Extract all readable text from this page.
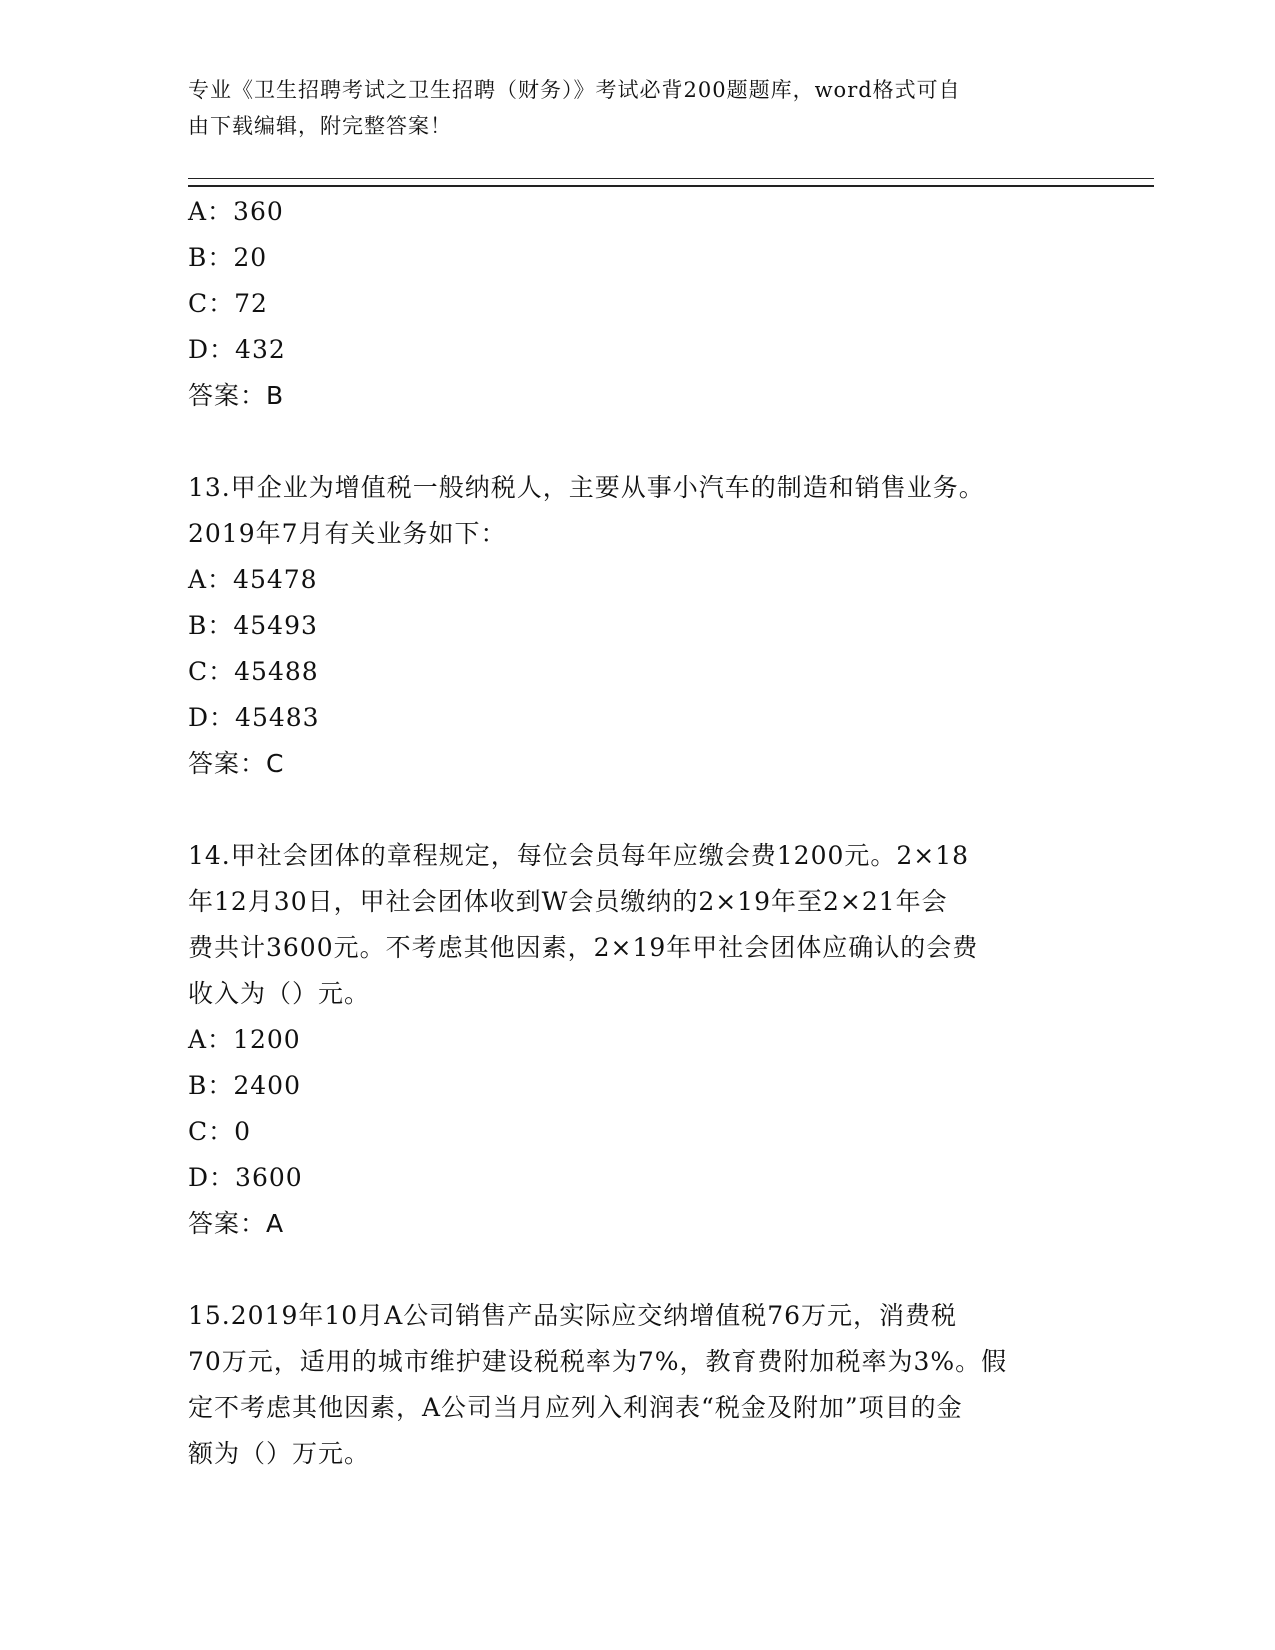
专业《卫生招聘考试之卫生招聘（财务）》考试必背200题题库，word格式可自
由下载编辑，附完整答案！
A：360
B：20
C：72
D：432
答案：B
13.甲企业为增值税一般纳税人，主要从事小汽车的制造和销售业务。
2019年7月有关业务如下：
A：45478
B：45493
C：45488
D：45483
答案：C
14.甲社会团体的章程规定，每位会员每年应缴会费1200元。2×18
年12月30日，甲社会团体收到W会员缴纳的2×19年至2×21年会
费共计3600元。不考虑其他因素，2×19年甲社会团体应确认的会费
收入为（）元。
A：1200
B：2400
C：0
D：3600
答案：A
15.2019年10月A公司销售产品实际应交纳增值税76万元，消费税
70万元，适用的城市维护建设税税率为7%，教育费附加税率为3%。假
定不考虑其他因素，A公司当月应列入利润表“税金及附加”项目的金
额为（）万元。
